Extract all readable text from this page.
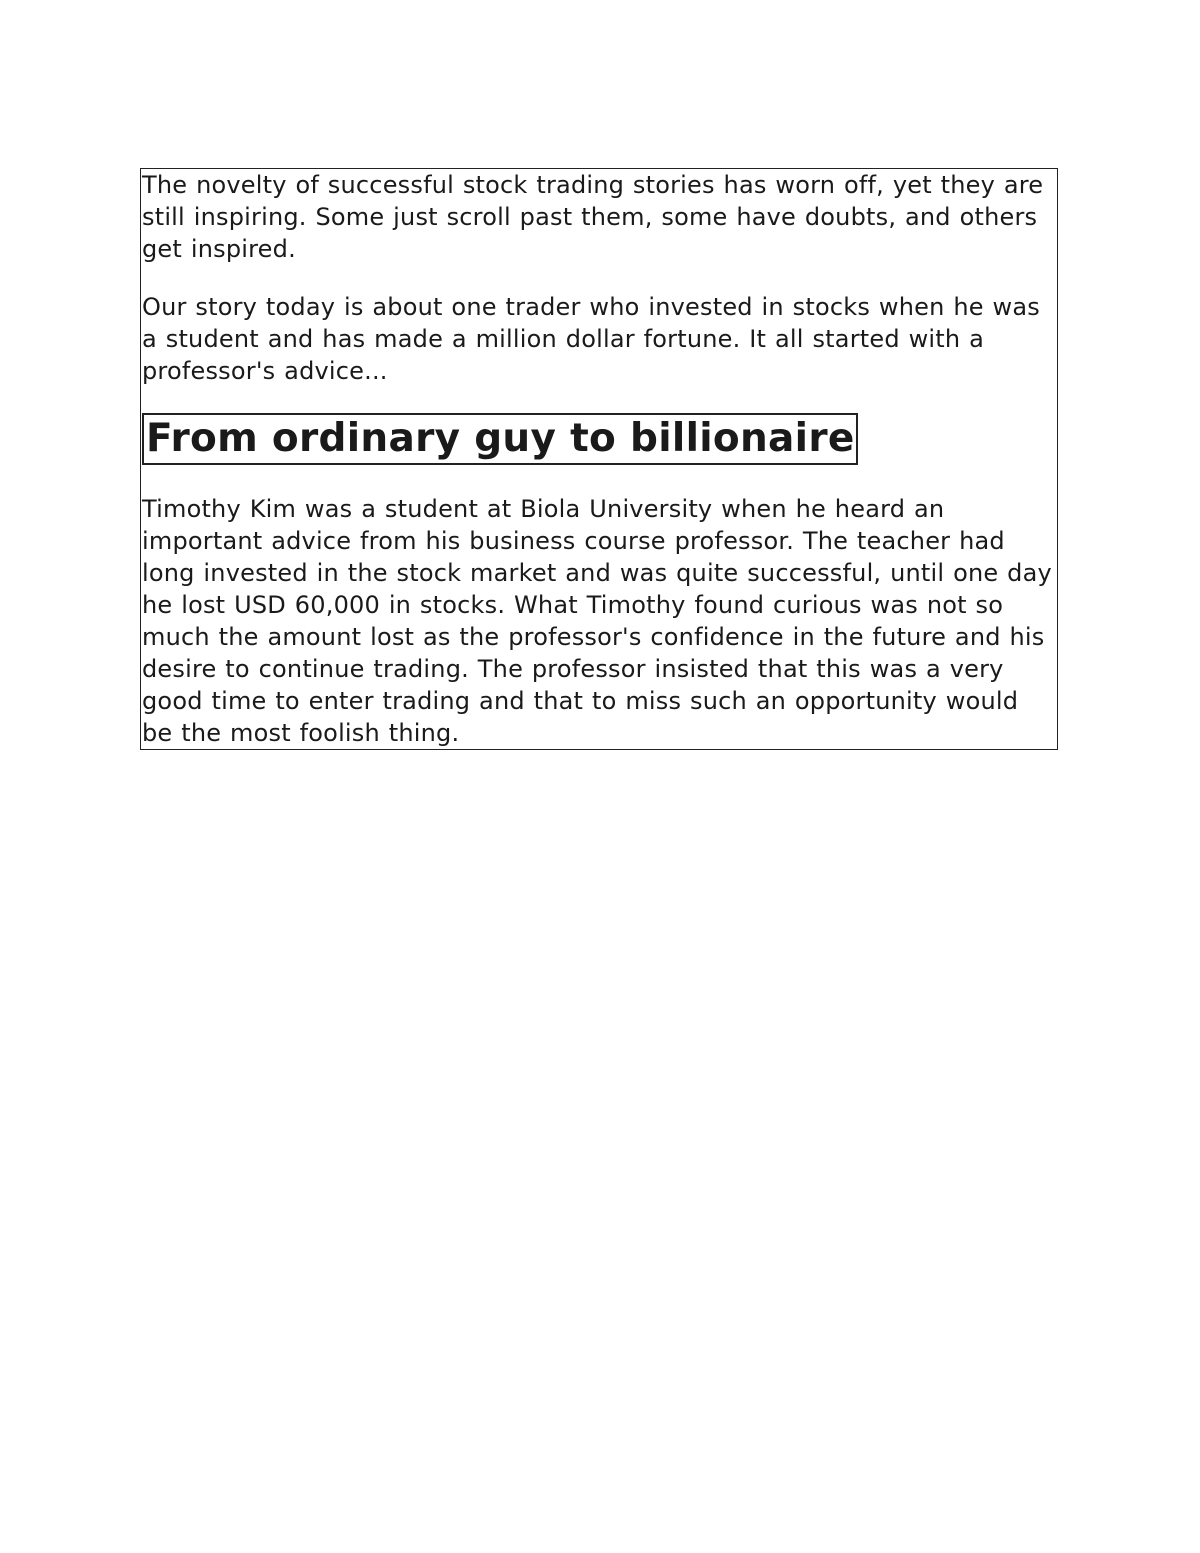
The novelty of successful stock trading stories has worn off, yet they are still inspiring. Some just scroll past them, some have doubts, and others get inspired.

Our story today is about one trader who invested in stocks when he was a student and has made a million dollar fortune. It all started with a professor's advice...

From ordinary guy to billionaire

Timothy Kim was a student at Biola University when he heard an important advice from his business course professor. The teacher had long invested in the stock market and was quite successful, until one day he lost USD 60,000 in stocks. What Timothy found curious was not so much the amount lost as the professor's confidence in the future and his desire to continue trading. The professor insisted that this was a very good time to enter trading and that to miss such an opportunity would be the most foolish thing.
